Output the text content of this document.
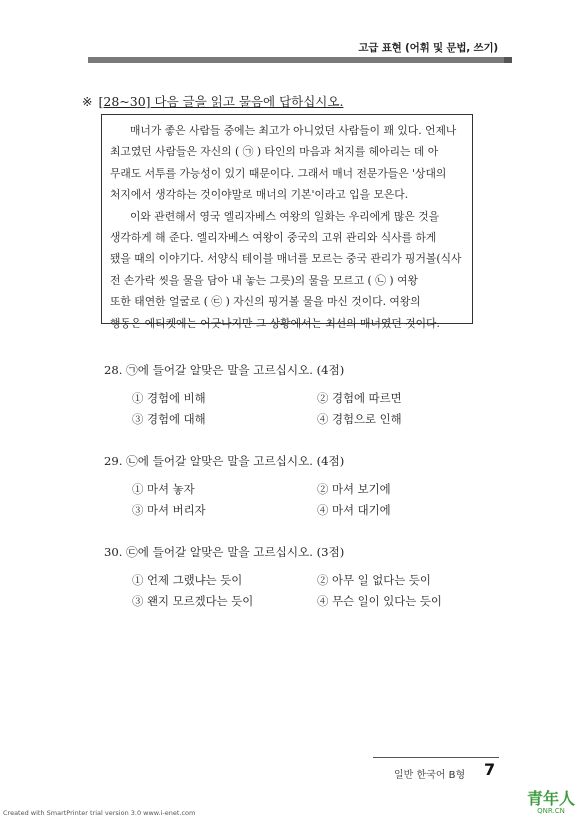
고급 표현 (어휘 및 문법, 쓰기)
※ [28~30] 다음 글을 읽고 물음에 답하십시오.

매너가 좋은 사람들 중에는 최고가 아니었던 사람들이 꽤 있다. 언제나

최고였던 사람들은 자신의 ( ㉠ ) 타인의 마음과 처지를 헤아리는 데 아
무래도 서투를 가능성이 있기 때문이다. 그래서 매너 전문가들은 '상대의
처지에서 생각하는 것이야말로 매너의 기본'이라고 입을 모은다.

이와 관련해서 영국 엘리자베스 여왕의 일화는 우리에게 많은 것을

생각하게 해 준다. 엘리자베스 여왕이 중국의 고위 관리와 식사를 하게
됐을 때의 이야기다. 서양식 테이블 매너를 모르는 중국 관리가 핑거볼(식사
전 손가락 씻을 물을 담아 내 놓는 그릇)의 물을 모르고 ( ㉡ ) 여왕
또한 태연한 얼굴로 ( ㉢ ) 자신의 핑거볼 물을 마신 것이다. 여왕의
행동은 에티켓에는 어긋나지만 그 상황에서는 최선의 매너였던 것이다.
28. ㉠에 들어갈 알맞은 말을 고르십시오. (4점)
① 경험에 비해	② 경험에 따르면
③ 경험에 대해	④ 경험으로 인해
29. ㉡에 들어갈 알맞은 말을 고르십시오. (4점)
① 마셔 놓자	② 마셔 보기에
③ 마셔 버리자	④ 마셔 대기에
30. ㉢에 들어갈 알맞은 말을 고르십시오. (3점)
① 언제 그랬냐는 듯이	② 아무 일 없다는 듯이
③ 왠지 모르겠다는 듯이	④ 무슨 일이 있다는 듯이
일반 한국어 B형 7
青年人
QNR.CN
Created with SmartPrinter trial version 3.0 www.i-enet.com
